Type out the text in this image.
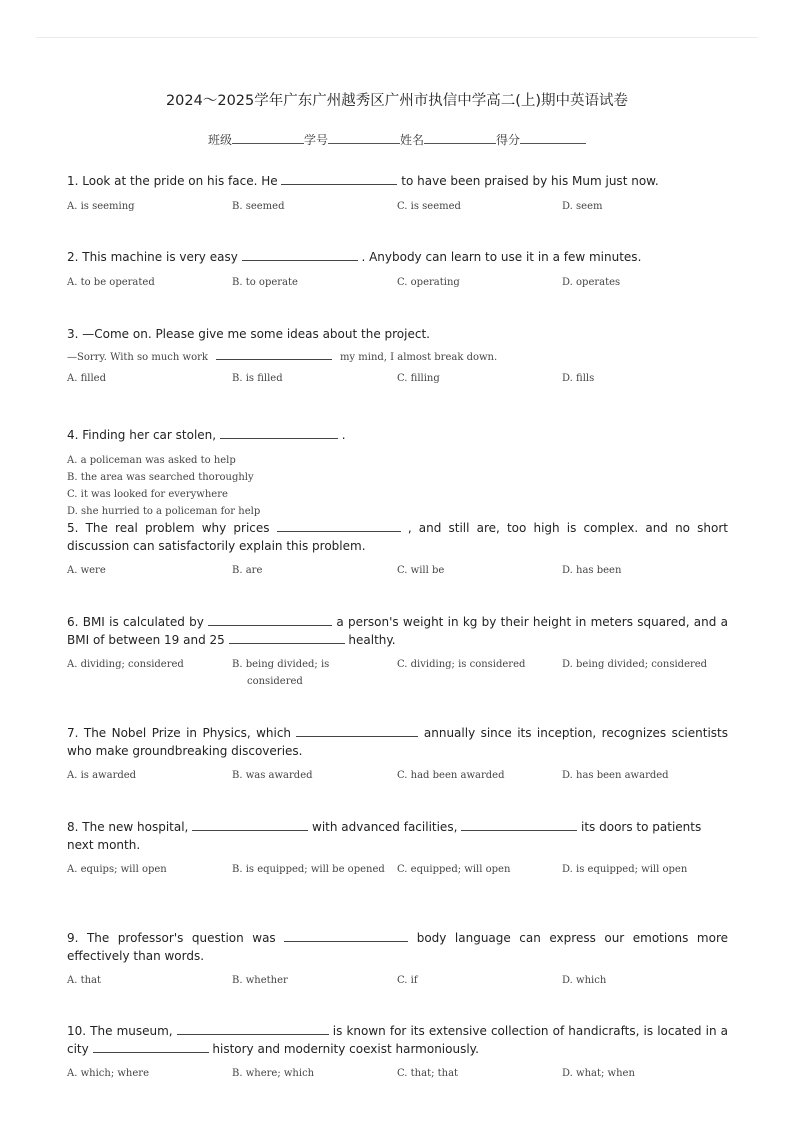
2024～2025学年广东广州越秀区广州市执信中学高二(上)期中英语试卷
班级	学号	姓名	得分
1. Look at the pride on his face. He	to have been praised by his Mum just now.
A. is seeming	B. seemed	C. is seemed	D. seem
2. This machine is very easy	. Anybody can learn to use it in a few minutes.
A. to be operated	B. to operate	C. operating	D. operates
3. —Come on. Please give me some ideas about the project.
—Sorry. With so much work	my mind, I almost break down.
A. filled	B. is filled	C. filling	D. fills
4. Finding her car stolen,	.
A. a policeman was asked to help
B. the area was searched thoroughly
C. it was looked for everywhere
D. she hurried to a policeman for help
5. The real problem why prices	, and still are, too high is complex. and no short discussion can satisfactorily explain this problem.
A. were	B. are	C. will be	D. has been
6. BMI is calculated by	a person's weight in kg by their height in meters squared, and a BMI of between 19 and 25	healthy.
A. dividing; considered	B. being divided; is considered
C. dividing; is considered	D. being divided; considered
7. The Nobel Prize in Physics, which	annually since its inception, recognizes scientists who make groundbreaking discoveries.
A. is awarded	B. was awarded	C. had been awarded	D. has been awarded
8. The new hospital,	with advanced facilities,	its doors to patients next month.
A. equips; will open	B. is equipped; will be opened	C. equipped; will open	D. is equipped; will open
9. The professor's question was	body language can express our emotions more effectively than words.
A. that	B. whether	C. if	D. which
10. The museum,	is known for its extensive collection of handicrafts, is located in a city	history and modernity coexist harmoniously.
A. which; where	B. where; which	C. that; that	D. what; when
